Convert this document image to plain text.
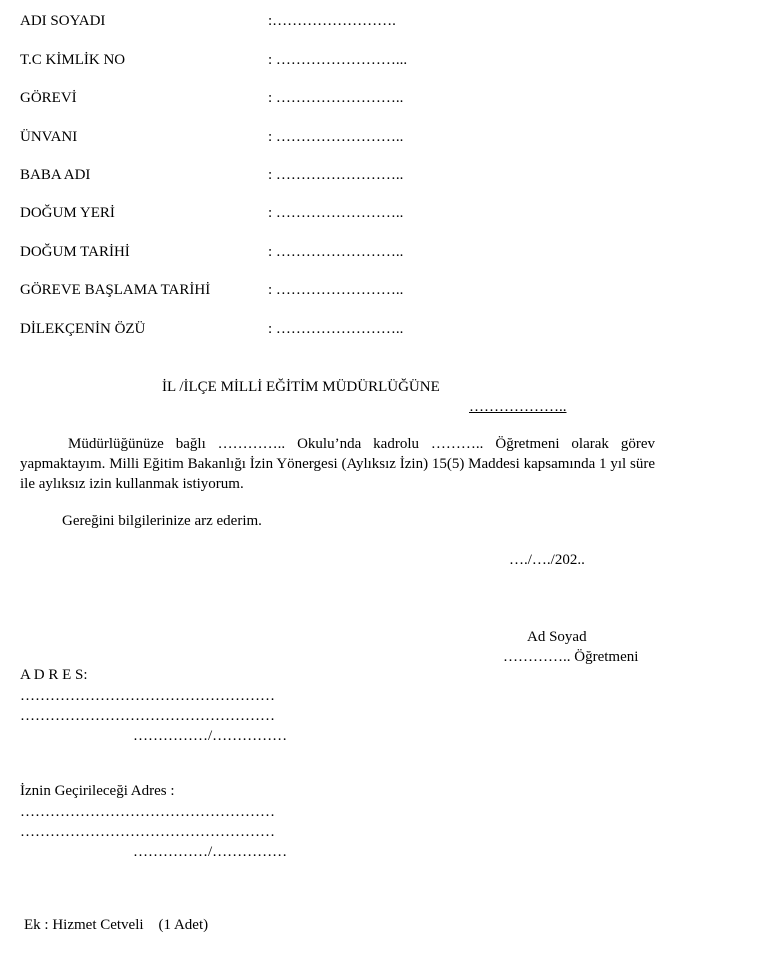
ADI SOYADI	:…………………….
T.C KİMLİK NO	: ……………………...
GÖREVİ	: ……………………..
ÜNVANI	: ……………………..
BABA ADI	: ……………………..
DOĞUM YERİ	: ……………………..
DOĞUM TARİHİ	: ……………………..
GÖREVE BAŞLAMA TARİHİ	: ……………………..
DİLEKÇENİN ÖZÜ	: ……………………..
İL /İLÇE MİLLİ EĞİTİM MÜDÜRLÜĞÜNE
………………..
Müdürlüğünüze bağlı ………….. Okulu’nda kadrolu ……….. Öğretmeni olarak görev yapmaktayım. Milli Eğitim Bakanlığı İzin Yönergesi (Aylıksız İzin) 15(5) Maddesi kapsamında 1 yıl süre ile aylıksız izin kullanmak istiyorum.
Gereğini bilgilerinize arz ederim.
…./…./202..
Ad Soyad
………….. Öğretmeni
A D R E S:
……………………………………………
……………………………………………
……………/……………
İznin Geçirileceği Adres :
……………………………………………
……………………………………………
……………/……………
Ek : Hizmet Cetveli    (1 Adet)
